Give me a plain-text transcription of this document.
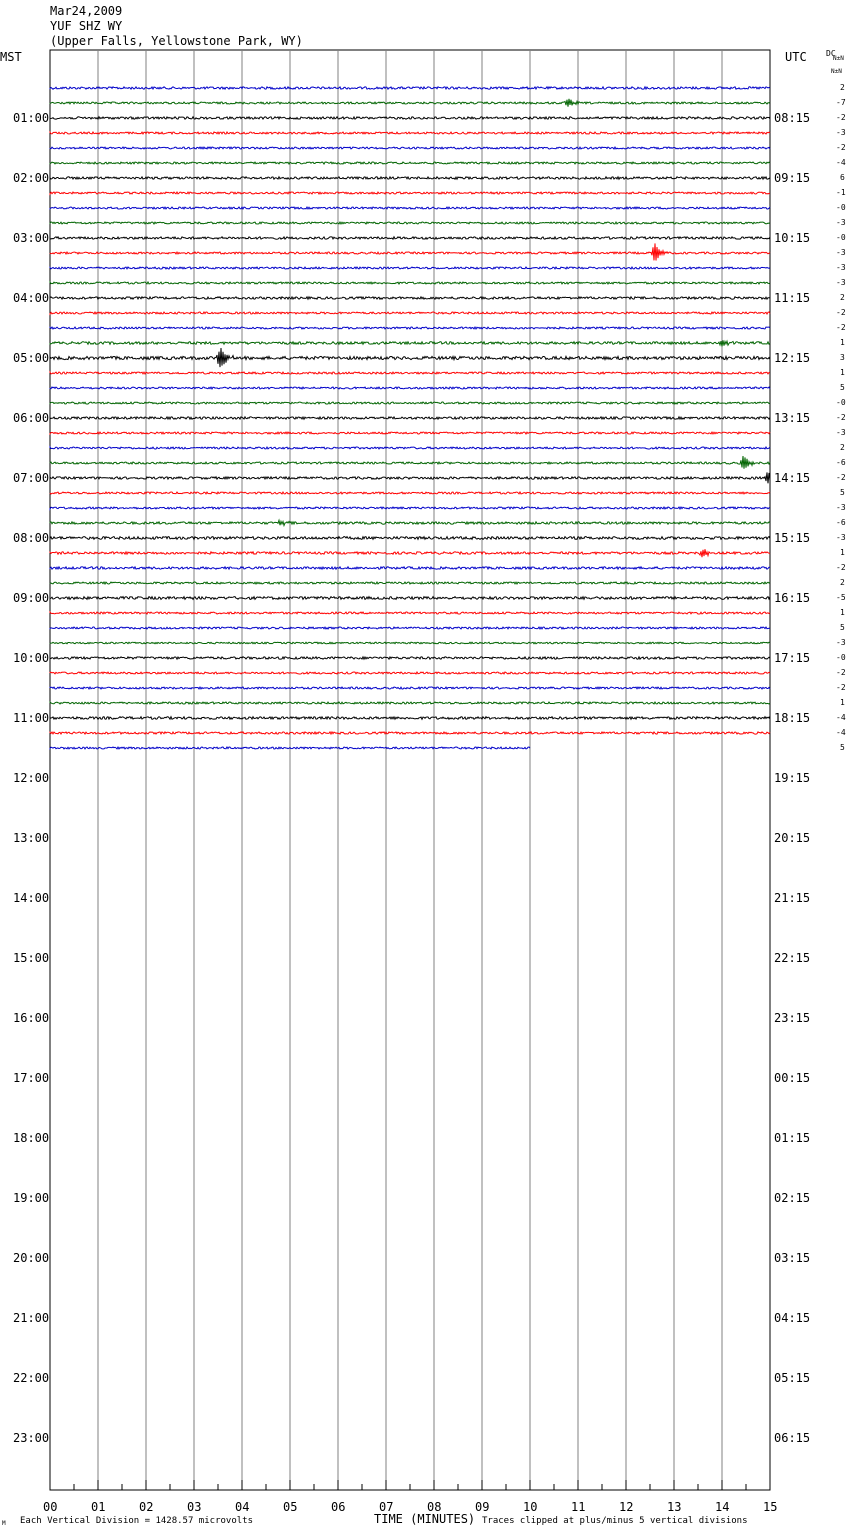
Mar24,2009
YUF SHZ WY
(Upper Falls, Yellowstone Park, WY)
MST	UTC DC
N±N
N±N
01:00	08:15
02:00	09:15
03:00	10:15
04:00	11:15
05:00	12:15
06:00	13:15
07:00	14:15
08:00	15:15
09:00	16:15
10:00	17:15
11:00	18:15
12:00	19:15
13:00	20:15
14:00	21:15
15:00	22:15
16:00	23:15
17:00	00:15
18:00	01:15
19:00	02:15
20:00	03:15
21:00	04:15
22:00	05:15
23:00	06:15
2
-7
-2
-3
-2
-4
6
-1
-0
-3
-0
-3
-3
-3
2
-2
-2
1
3
1
5
-0
-2
-3
2
-6
-2
5
-3
-6
-3
1
-2
2
-5
1
5
-3
-0
-2
-2
1
-4
-4
5
00	01	02	03	04	05	06	07	08	09	10	11	12	13	14	15
M Each Vertical Division = 1428.57 microvolts	TIME (MINUTES) Traces clipped at plus/minus 5 vertical divisions
